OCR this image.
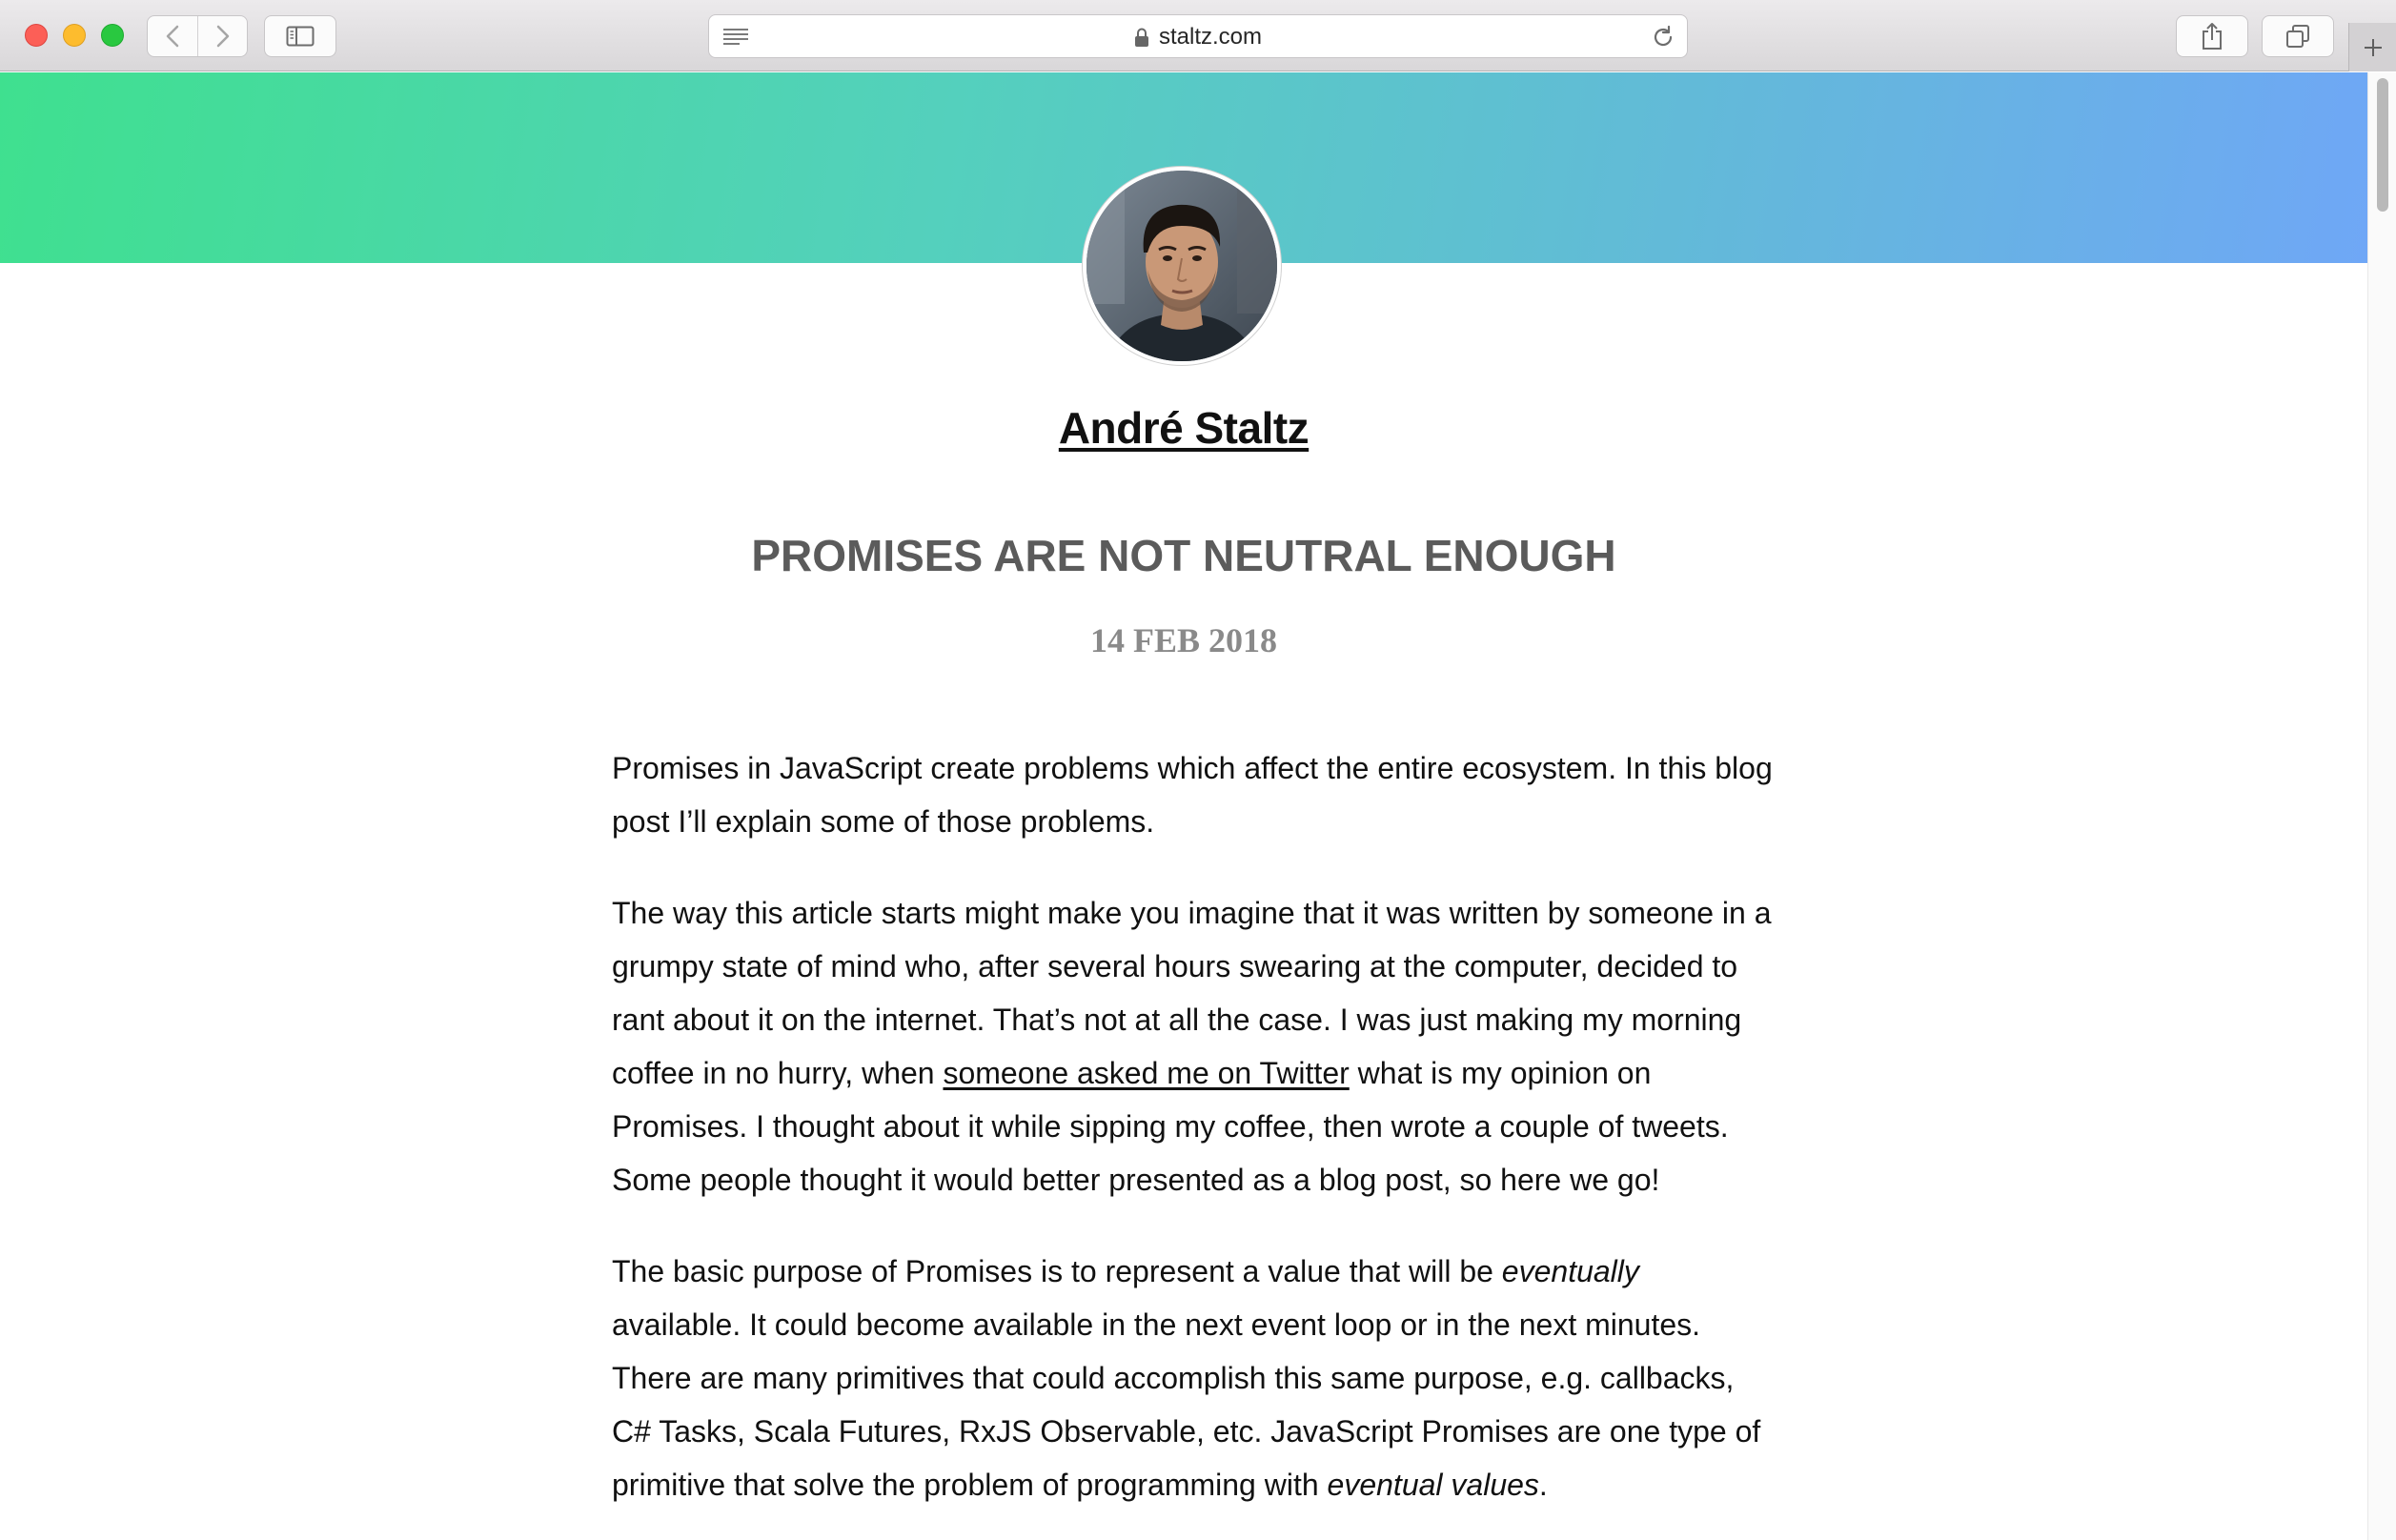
staltz.com
André Staltz
PROMISES ARE NOT NEUTRAL ENOUGH
14 FEB 2018

Promises in JavaScript create problems which affect the entire ecosystem. In this blog post I’ll explain some of those problems.

The way this article starts might make you imagine that it was written by someone in a grumpy state of mind who, after several hours swearing at the computer, decided to rant about it on the internet. That’s not at all the case. I was just making my morning coffee in no hurry, when someone asked me on Twitter what is my opinion on Promises. I thought about it while sipping my coffee, then wrote a couple of tweets. Some people thought it would better presented as a blog post, so here we go!

The basic purpose of Promises is to represent a value that will be eventually available. It could become available in the next event loop or in the next minutes. There are many primitives that could accomplish this same purpose, e.g. callbacks, C# Tasks, Scala Futures, RxJS Observable, etc. JavaScript Promises are one type of primitive that solve the problem of programming with eventual values.
